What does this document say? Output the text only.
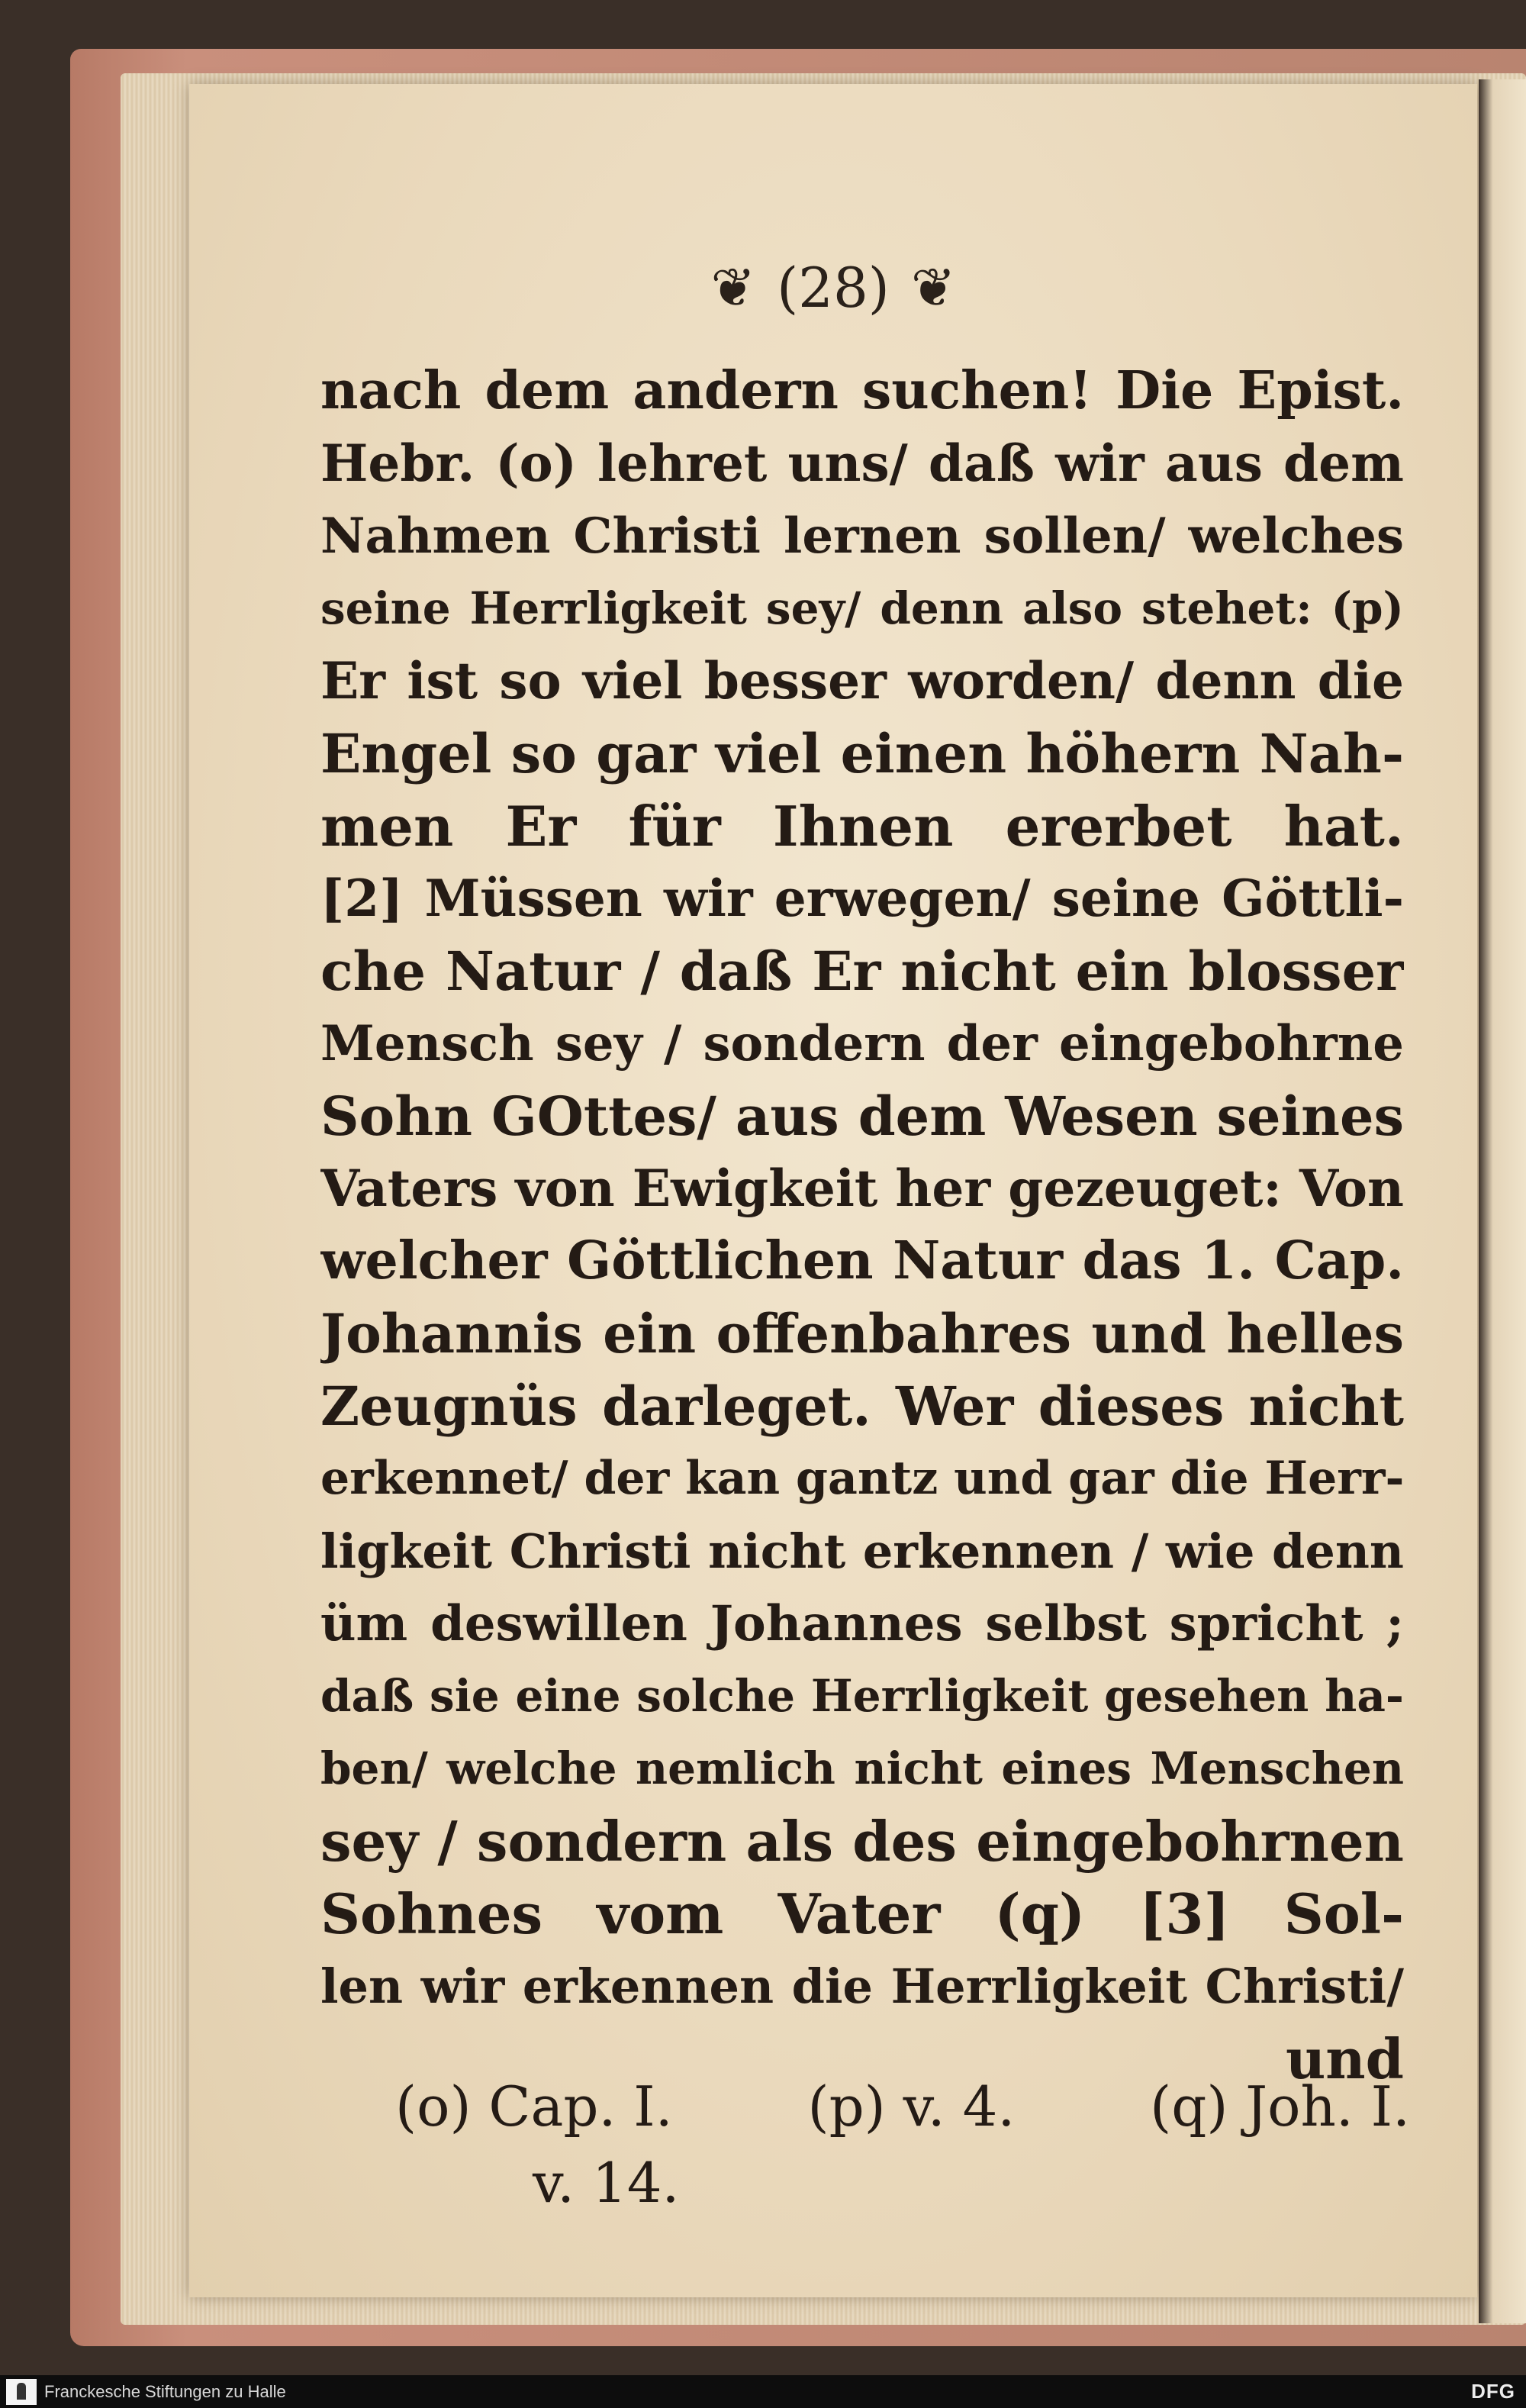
❦ (28) ❦
nach dem andern suchen! Die Epist.
Hebr. (o) lehret uns/ daß wir aus dem
Nahmen Christi lernen sollen/ welches
seine Herrligkeit sey/ denn also stehet: (p)
Er ist so viel besser worden/ denn die
Engel so gar viel einen höhern Nah-
men Er für Ihnen ererbet hat.
[2] Müssen wir erwegen/ seine Göttli-
che Natur / daß Er nicht ein blosser
Mensch sey / sondern der eingebohrne
Sohn GOttes/ aus dem Wesen seines
Vaters von Ewigkeit her gezeuget: Von
welcher Göttlichen Natur das 1. Cap.
Johannis ein offenbahres und helles
Zeugnüs darleget. Wer dieses nicht
erkennet/ der kan gantz und gar die Herr-
ligkeit Christi nicht erkennen / wie denn
üm deswillen Johannes selbst spricht ;
daß sie eine solche Herrligkeit gesehen ha-
ben/ welche nemlich nicht eines Menschen
sey / sondern als des eingebohrnen
Sohnes vom Vater (q) [3] Sol-
len wir erkennen die Herrligkeit Christi/
und
(o) Cap. I. (p) v. 4. (q) Joh. I.
v. 14.
Franckesche Stiftungen zu Halle	DFG
